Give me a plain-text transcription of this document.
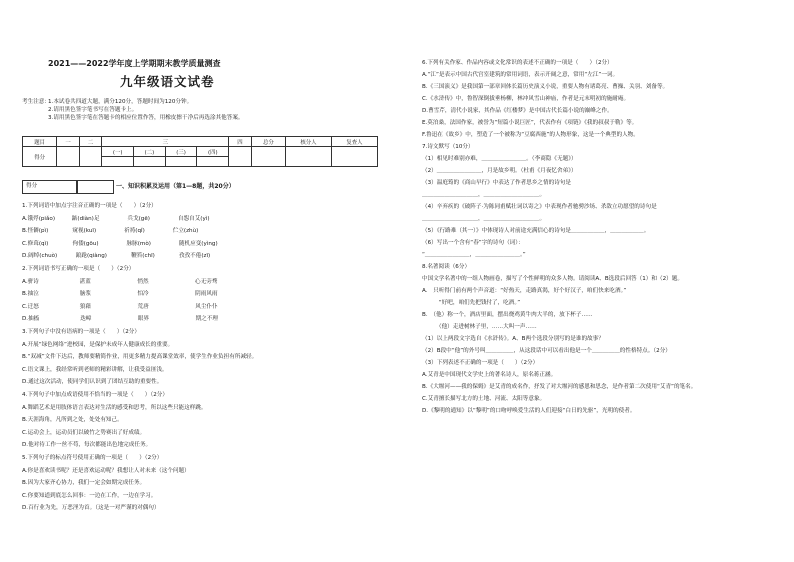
2021——2022学年度上学期期末教学质量测查
九年级语文试卷
考生注意：
1.本试卷共四道大题，满分120分，答题时间为120分钟。
2.请用黑色签字笔书写在答题卡上。
3.请用黑色签字笔在答题卡的相应位置作答，用橡皮擦干净后再选涂其他答案。
题目	一	二	三				四	总分	核分人	复查人
得分			(一)	(二)	(三)	(四)				

得分	一、知识积累及运用（第1—8题，共20分）
1.下列词语中加点字注音正确的一项是（　　）（2分）
A.饿殍(piǎo)　　　踮(diàn)足　　　　　兵戈(gē)　　　　　自怨自艾(yì)
B.怪僻(pì)　　　　 窥视(kuī)　　　　　祈祷(qǐ)　　　　　伫立(zhù)
C.修葺(qì)　　　　 佝偻(gōu)　　　　　脉脉(mò)　　　　　随机应变(yìng)
D.阔绰(chuò)　　　 踉跄(qiàng)　　　　 鞭笞(chī)　　　　 孜孜不倦(zī)
2.下列词语书写正确的一项是（　　）（2分）
A.骈诗　　　　　　　 湛蓝　　　　　　　　 悄然　　　　　　　　 心无旁骛
B.抽泣　　　　　　　 脑浆　　　　　　　　 怕冷　　　　　　　　 阴雨风雨
C.迁怒　　　　　　　 狼藉　　　　　　　　 荒唐　　　　　　　　 风尘仆仆
D.抽搐　　　　　　　 迭嶂　　　　　　　　 眼界　　　　　　　　 期之不理
3.下列句子中没有语病的一项是（　　）（2分）
A.开展“绿色网络”进校园，是保护未成年人健康成长的重要。
B.“双减”文件下达后，教师要精简作业，用更多精力提高课堂效率，使学生作业负担有所减轻。
C.语文课上，我经常听到老师的精彩讲解，让我受益匪浅。
D.通过这次活动，使同学们认识到了团结互助的重要性。
4.下列句子中加点成语使用不恰当的一项是（　　）（2分）
A.舞蹈艺术是用肢体语言表达对生活的感受和思考，所以这些只能这样跳。
B.天涯海角，凡所到之处，处处有知己。
C.运动会上，运动员们以破竹之势赛出了好成绩。
D.他对待工作一丝不苟，每次都能出色地完成任务。
5.下列句子的标点符号使用正确的一项是（　　）（2分）
A.你是喜欢读书呢？还是喜欢运动呢？我想让人对未来（这个问题）
B.因为大家齐心协力，我们一定会如期完成任务。
C.你要知道到底怎么回事：一边在工作，一边在学习。
D.百行业为先，万恶淫为首。（这是一对严谨的对偶句）
6.下列有关作家、作品内容或文化常识的表述不正确的一项是（　　）（2分）
A.“江”是表示中国古代宫室建筑的常用词语，表示开阔之意，常用“左江”一词。
B.《三国演义》是我国第一部章回体长篇历史演义小说，重要人物有诸葛亮、曹操、关羽、刘备等。
C.《水浒传》中，鲁智深倒拔垂杨柳，林冲风雪山神庙，作者是元末明初的施耐庵。
D.曹雪芹，清代小说家，其作品《红楼梦》是中国古代长篇小说的巅峰之作。
E.莫泊桑，法国作家，被誉为“短篇小说巨匠”，代表作有《项链》《我的叔叔于勒》等。
F.鲁迅在《故乡》中，塑造了一个被称为“豆腐西施”的人物形象，这是一个典型的人物。
7.诗文默写（10分）
（1）相见时难别亦难，＿＿＿＿＿＿＿＿。（李商隐《无题》）
（2）＿＿＿＿＿＿＿＿，月是故乡明。（杜甫《月夜忆舍弟》）
（3）温庭筠的《商山早行》中表达了作者思乡之情的诗句是
＿＿＿＿＿＿＿＿＿＿，＿＿＿＿＿＿＿＿＿＿。
（4）辛弃疾的《破阵子·为陈同甫赋壮词以寄之》中表现作者驰骋沙场、杀敌立功愿望的诗句是
＿＿＿＿＿＿＿＿＿＿，＿＿＿＿＿＿＿＿＿＿。
（5）《行路难（其一）》中体现诗人对前途充满信心的诗句是＿＿＿＿＿＿，＿＿＿＿＿＿。
（6）写出一个含有“春”字的诗句（词）：
“＿＿＿＿＿＿＿＿，＿＿＿＿＿＿＿＿。”
8.名著阅读（6分）
中国文学名著中的一组人物画卷，描写了个性鲜明的众多人物。请阅读A、B选段后回答（1）和（2）题。
A.　只听得门前有两个声音道：“好热天，走路真渴，好个好汉子，咱们快来吃酒。”
　　　“好吧，咱们先把钱付了，吃酒。”
B.　（他）称一个，酒店里面，摆出烧鸡黄牛肉大半的，放下杯子……
　　　（他）走进树林子里，……大叫一声……
（1）以上两段文字选自《水浒传》。A、B两个选段分别写的是谁的故事？
（2）B段中“他”的外号叫＿＿＿＿＿，从这段话中可以看出他是一个＿＿＿＿＿的性格特点。（2分）
（3）下列表述不正确的一项是（　　）（2分）
A.艾青是中国现代文学史上的著名诗人，原名蒋正涵。
B.《大堰河——我的保姆》是艾青的成名作，抒发了对大堰河的感恩和思念，是作者第二次使用“艾青”的笔名。
C.艾青擅长描写北方的土地、河流、太阳等意象。
D.《黎明的通知》以“黎明”的口吻呼唤爱生活的人们迎接“白日的先驱”，光明的使者。
